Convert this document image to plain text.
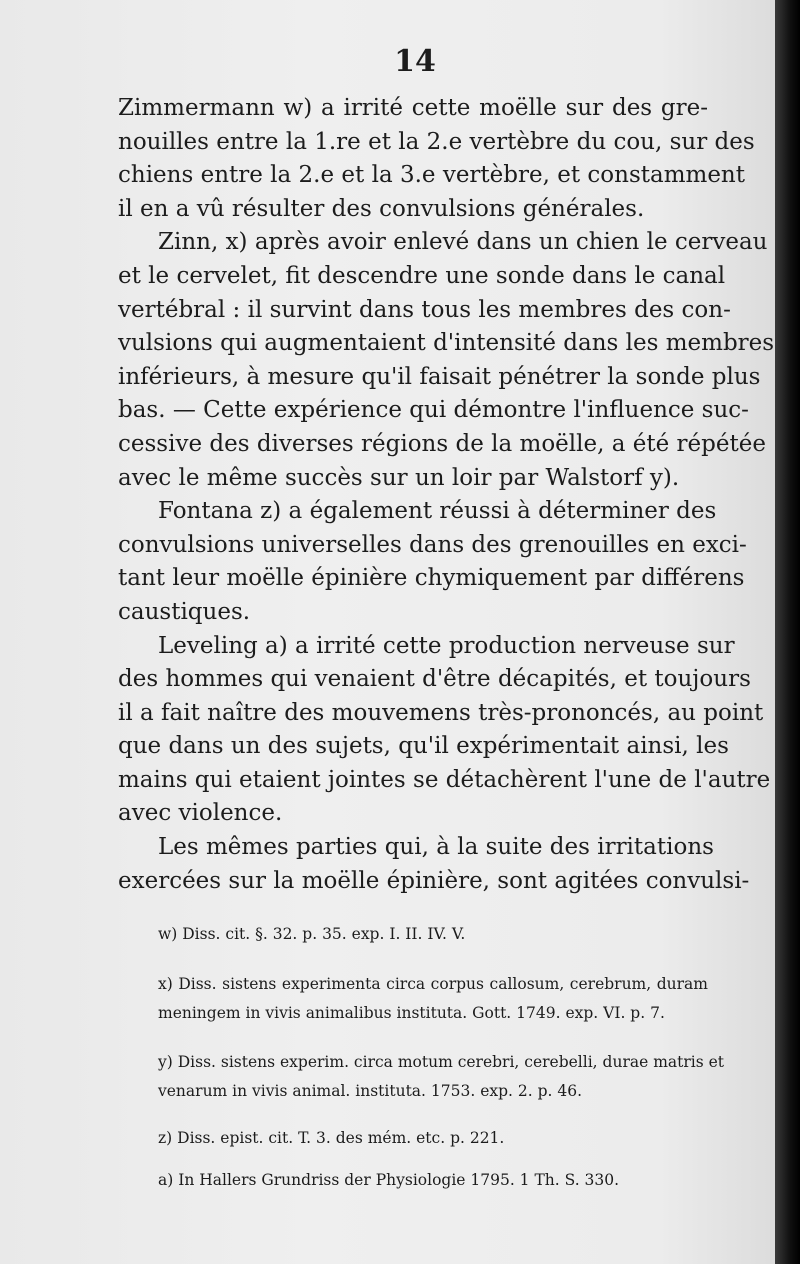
14
Zimmermann w) a irrité cette moëlle sur des gre-
nouilles entre la 1.re et la 2.e vertèbre du cou, sur des
chiens entre la 2.e et la 3.e vertèbre, et constamment
il en a vû résulter des convulsions générales.
Zinn, x) après avoir enlevé dans un chien le cerveau
et le cervelet, fit descendre une sonde dans le canal
vertébral : il survint dans tous les membres des con-
vulsions qui augmentaient d'intensité dans les membres
inférieurs, à mesure qu'il faisait pénétrer la sonde plus
bas. — Cette expérience qui démontre l'influence suc-
cessive des diverses régions de la moëlle, a été répétée
avec le même succès sur un loir par Walstorf y).
Fontana z) a également réussi à déterminer des
convulsions universelles dans des grenouilles en exci-
tant leur moëlle épinière chymiquement par différens
caustiques.
Leveling a) a irrité cette production nerveuse sur
des hommes qui venaient d'être décapités, et toujours
il a fait naître des mouvemens très-prononcés, au point
que dans un des sujets, qu'il expérimentait ainsi, les
mains qui etaient jointes se détachèrent l'une de l'autre
avec violence.
Les mêmes parties qui, à la suite des irritations
exercées sur la moëlle épinière, sont agitées convulsi-
w) Diss. cit. §. 32. p. 35. exp. I. II. IV. V.
x) Diss. sistens experimenta circa corpus callosum, cerebrum, duram
meningem in vivis animalibus instituta. Gott. 1749. exp. VI. p. 7.
y) Diss. sistens experim. circa motum cerebri, cerebelli, durae matris et
venarum in vivis animal. instituta. 1753. exp. 2. p. 46.
z) Diss. epist. cit. T. 3. des mém. etc. p. 221.
a) In Hallers Grundriss der Physiologie 1795. 1 Th. S. 330.
